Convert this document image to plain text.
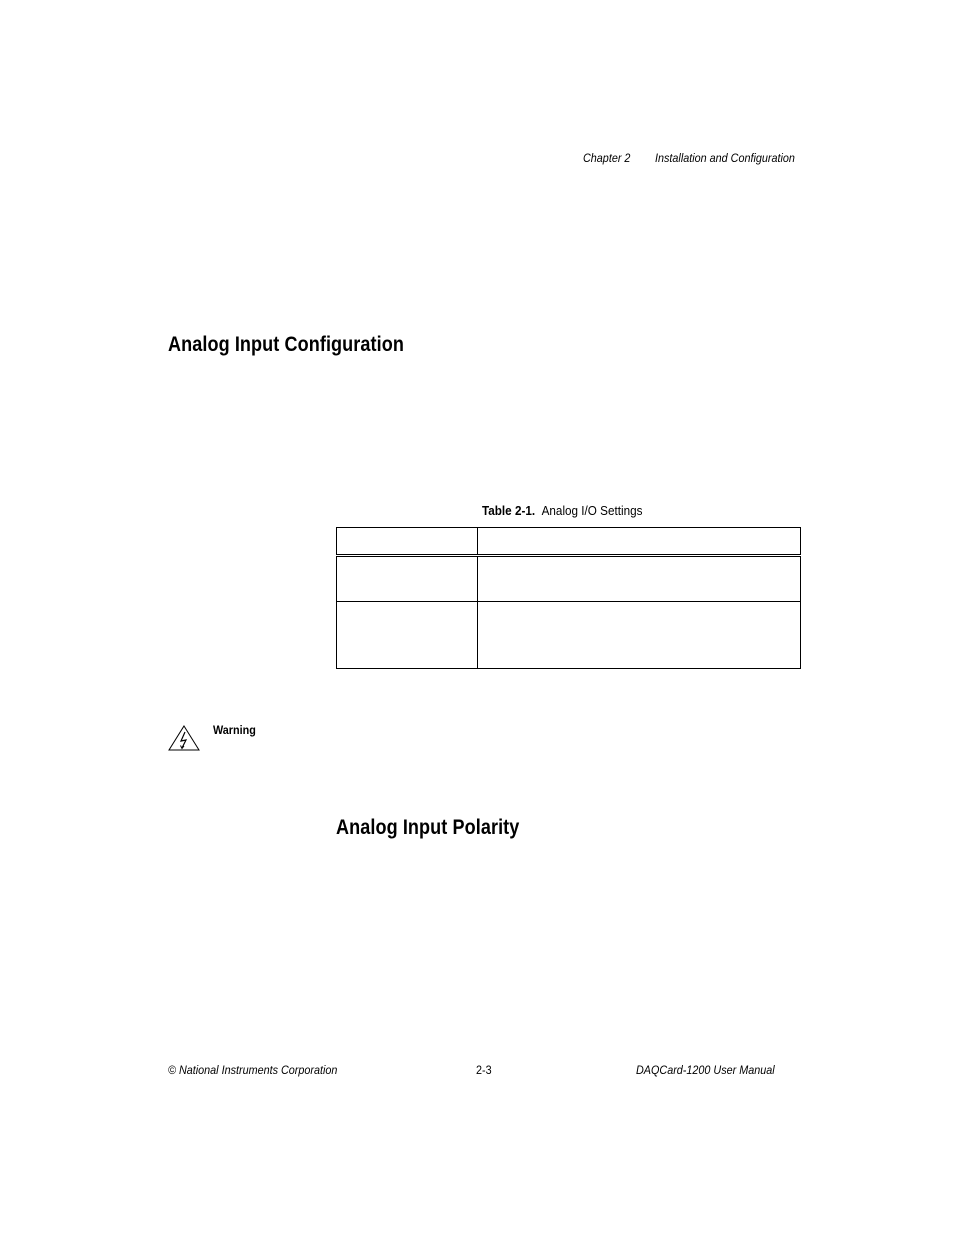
Chapter 2 Installation and Configuration
Analog Input Configuration
Table 2-1. Analog I/O Settings

Warning
Analog Input Polarity
© National Instruments Corporation	2-3	DAQCard-1200 User Manual
